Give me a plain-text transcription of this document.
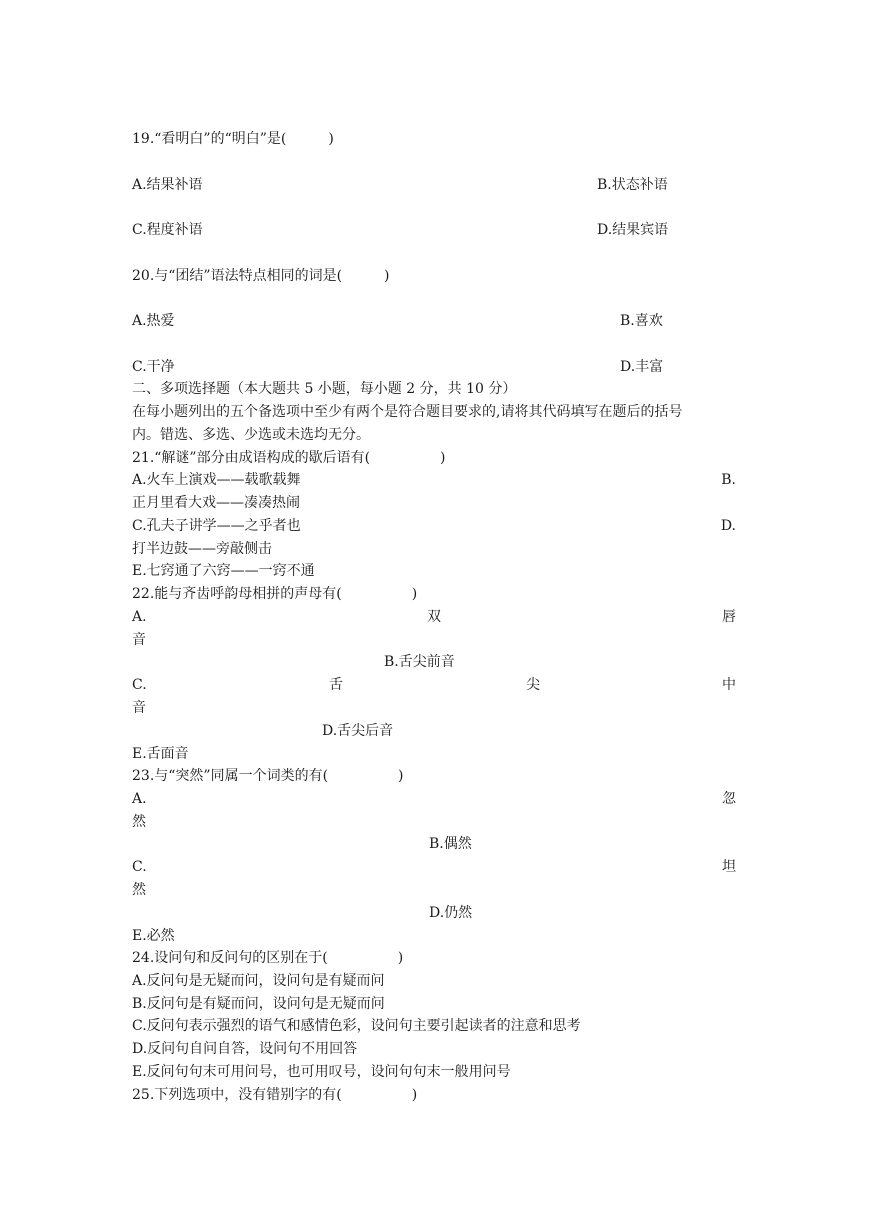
19.“看明白”的“明白”是(　　　)
A.结果补语	B.状态补语
C.程度补语	D.结果宾语
20.与“团结”语法特点相同的词是(　　　)
A.热爱	B.喜欢
C.干净	D.丰富
二、多项选择题（本大题共 5 小题，每小题 2 分，共 10 分）
在每小题列出的五个备选项中至少有两个是符合题目要求的,请将其代码填写在题后的括号
内。错选、多选、少选或未选均无分。
21.“解谜”部分由成语构成的歇后语有(　　　　　)
A.火车上演戏——载歌载舞	B.
正月里看大戏——凑凑热闹
C.孔夫子讲学——之乎者也	D.
打半边鼓——旁敲侧击
E.七窍通了六窍——一窍不通
22.能与齐齿呼韵母相拼的声母有(　　　　　)
A.	双	唇
音
B.舌尖前音
C.	舌	尖	中
音
D.舌尖后音
E.舌面音
23.与“突然”同属一个词类的有(　　　　　)
A.	忽
然
B.偶然
C.	坦
然
D.仍然
E.必然
24.设问句和反问句的区别在于(　　　　　)
A.反问句是无疑而问，设问句是有疑而问
B.反问句是有疑而问，设问句是无疑而问
C.反问句表示强烈的语气和感情色彩，设问句主要引起读者的注意和思考
D.反问句自问自答，设问句不用回答
E.反问句句末可用问号，也可用叹号，设问句句末一般用问号
25.下列选项中，没有错别字的有(　　　　　)
